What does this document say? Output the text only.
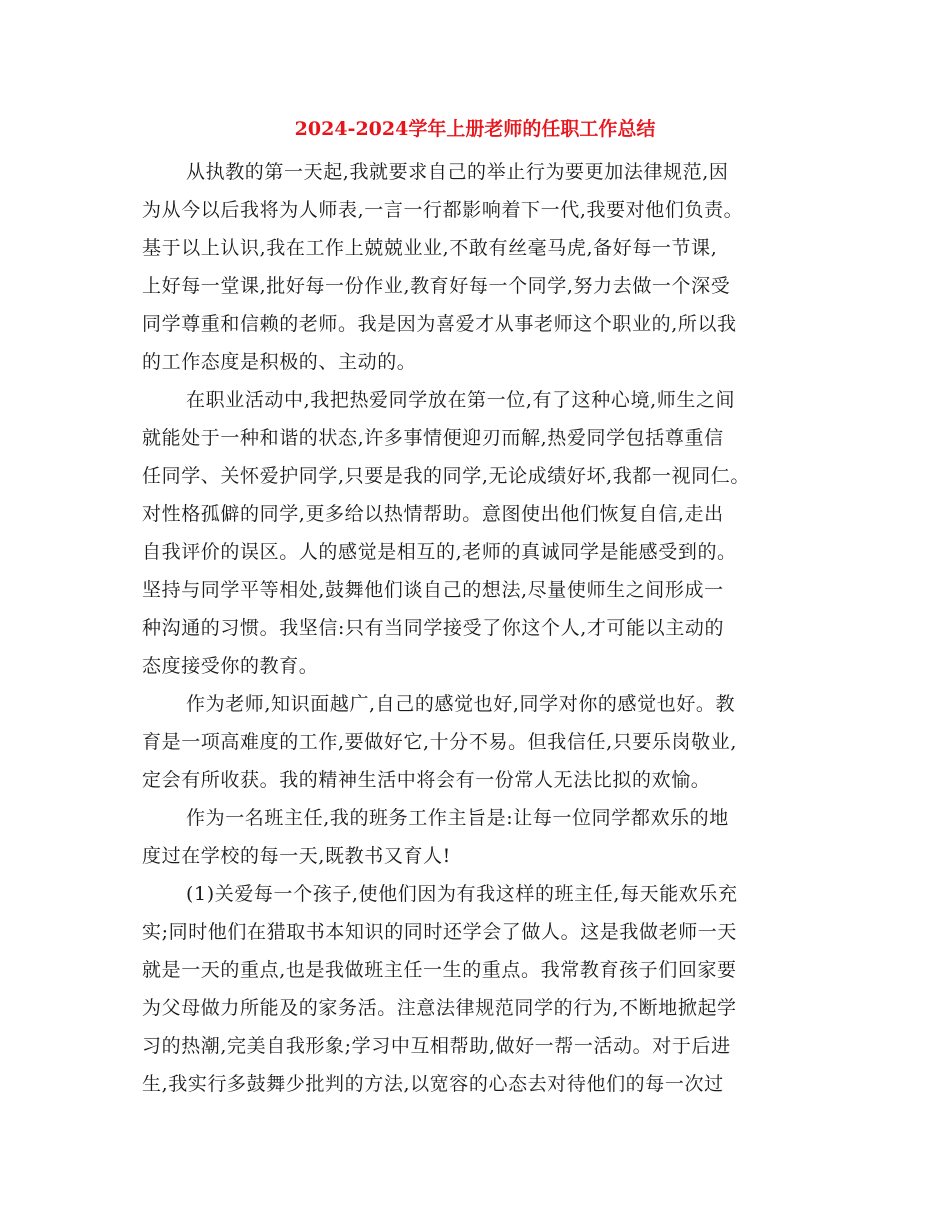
2024-2024学年上册老师的任职工作总结
从执教的第一天起,我就要求自己的举止行为要更加法律规范,因
为从今以后我将为人师表,一言一行都影响着下一代,我要对他们负责。
基于以上认识,我在工作上兢兢业业,不敢有丝毫马虎,备好每一节课,
上好每一堂课,批好每一份作业,教育好每一个同学,努力去做一个深受
同学尊重和信赖的老师。我是因为喜爱才从事老师这个职业的,所以我
的工作态度是积极的、主动的。
在职业活动中,我把热爱同学放在第一位,有了这种心境,师生之间
就能处于一种和谐的状态,许多事情便迎刃而解,热爱同学包括尊重信
任同学、关怀爱护同学,只要是我的同学,无论成绩好坏,我都一视同仁。
对性格孤僻的同学,更多给以热情帮助。意图使出他们恢复自信,走出
自我评价的误区。人的感觉是相互的,老师的真诚同学是能感受到的。
坚持与同学平等相处,鼓舞他们谈自己的想法,尽量使师生之间形成一
种沟通的习惯。我坚信:只有当同学接受了你这个人,才可能以主动的
态度接受你的教育。
作为老师,知识面越广,自己的感觉也好,同学对你的感觉也好。教
育是一项高难度的工作,要做好它,十分不易。但我信任,只要乐岗敬业,
定会有所收获。我的精神生活中将会有一份常人无法比拟的欢愉。
作为一名班主任,我的班务工作主旨是:让每一位同学都欢乐的地
度过在学校的每一天,既教书又育人!
(1)关爱每一个孩子,使他们因为有我这样的班主任,每天能欢乐充
实;同时他们在猎取书本知识的同时还学会了做人。这是我做老师一天
就是一天的重点,也是我做班主任一生的重点。我常教育孩子们回家要
为父母做力所能及的家务活。注意法律规范同学的行为,不断地掀起学
习的热潮,完美自我形象;学习中互相帮助,做好一帮一活动。对于后进
生,我实行多鼓舞少批判的方法,以宽容的心态去对待他们的每一次过
